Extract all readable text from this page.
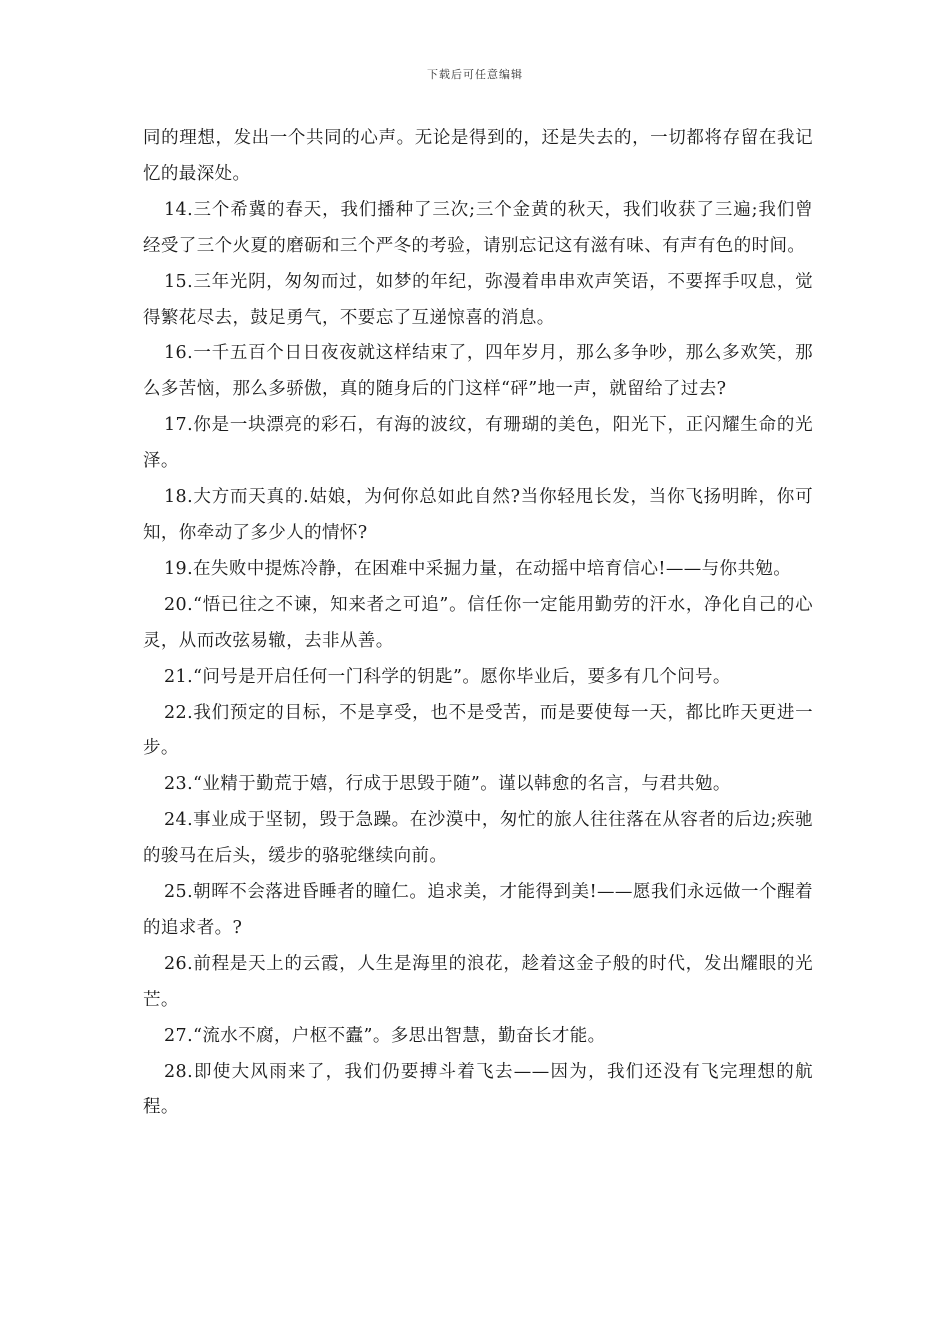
下载后可任意编辑

同的理想，发出一个共同的心声。无论是得到的，还是失去的，一切都将存留在我记忆的最深处。

14.三个希冀的春天，我们播种了三次;三个金黄的秋天，我们收获了三遍;我们曾经受了三个火夏的磨砺和三个严冬的考验，请别忘记这有滋有味、有声有色的时间。

15.三年光阴，匆匆而过，如梦的年纪，弥漫着串串欢声笑语，不要挥手叹息，觉得繁花尽去，鼓足勇气，不要忘了互递惊喜的消息。

16.一千五百个日日夜夜就这样结束了，四年岁月，那么多争吵，那么多欢笑，那么多苦恼，那么多骄傲，真的随身后的门这样“砰”地一声，就留给了过去?

17.你是一块漂亮的彩石，有海的波纹，有珊瑚的美色，阳光下，正闪耀生命的光泽。

18.大方而天真的.姑娘，为何你总如此自然?当你轻甩长发，当你飞扬明眸，你可知，你牵动了多少人的情怀?

19.在失败中提炼冷静，在困难中采掘力量，在动摇中培育信心!——与你共勉。

20.“悟已往之不谏，知来者之可追”。信任你一定能用勤劳的汗水，净化自己的心灵，从而改弦易辙，去非从善。

21.“问号是开启任何一门科学的钥匙”。愿你毕业后，要多有几个问号。

22.我们预定的目标，不是享受，也不是受苦，而是要使每一天，都比昨天更进一步。

23.“业精于勤荒于嬉，行成于思毁于随”。谨以韩愈的名言，与君共勉。

24.事业成于坚韧，毁于急躁。在沙漠中，匆忙的旅人往往落在从容者的后边;疾驰的骏马在后头，缓步的骆驼继续向前。

25.朝晖不会落进昏睡者的瞳仁。追求美，才能得到美!——愿我们永远做一个醒着的追求者。?

26.前程是天上的云霞，人生是海里的浪花，趁着这金子般的时代，发出耀眼的光芒。

27.“流水不腐，户枢不蠹”。多思出智慧，勤奋长才能。

28.即使大风雨来了，我们仍要搏斗着飞去——因为，我们还没有飞完理想的航程。
